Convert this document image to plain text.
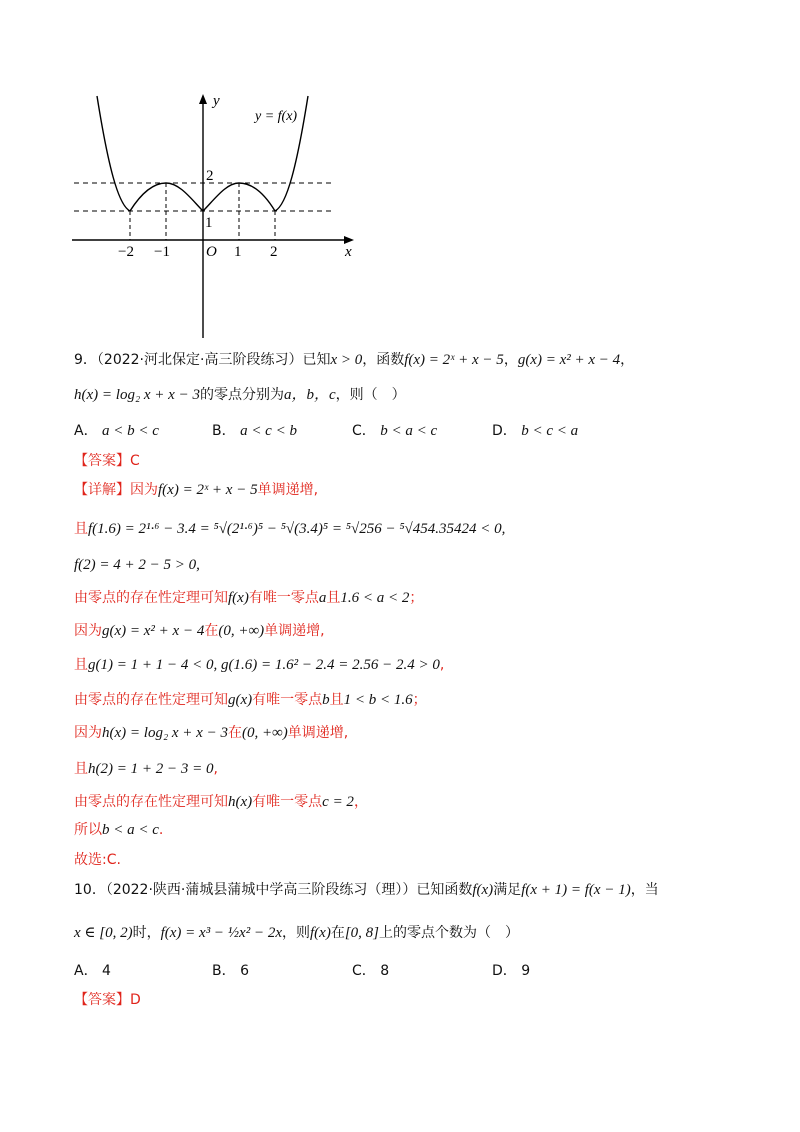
y
x
y = f(x)
O
2
1
−2 −1	1 2
9．（2022·河北保定·高三阶段练习）已知x > 0，函数f(x) = 2ˣ + x − 5，g(x) = x² + x − 4，
h(x) = log₂ x + x − 3的零点分别为a，b，c，则（　）
A． a < b < c	B． a < c < b	C． b < a < c	D． b < c < a
【答案】C
【详解】因为f(x) = 2ˣ + x − 5单调递增,
且f(1.6) = 2¹·⁶ − 3.4 = ⁵√(2¹·⁶)⁵ − ⁵√(3.4)⁵ = ⁵√256 − ⁵√454.35424 < 0,
f(2) = 4 + 2 − 5 > 0,
由零点的存在性定理可知f(x)有唯一零点a且1.6 < a < 2；
因为g(x) = x² + x − 4在(0, +∞)单调递增,
且g(1) = 1 + 1 − 4 < 0, g(1.6) = 1.6² − 2.4 = 2.56 − 2.4 > 0,
由零点的存在性定理可知g(x)有唯一零点b且1 < b < 1.6；
因为h(x) = log₂ x + x − 3在(0, +∞)单调递增,
且h(2) = 1 + 2 − 3 = 0,
由零点的存在性定理可知h(x)有唯一零点c = 2，
所以b < a < c.
故选:C.
10．（2022·陕西·蒲城县蒲城中学高三阶段练习（理））已知函数f(x)满足f(x + 1) = f(x − 1)，当
x ∈ [0, 2)时，f(x) = x³ − ½x² − 2x，则f(x)在[0, 8]上的零点个数为（　）
A． 4	B． 6	C． 8	D． 9
【答案】D
